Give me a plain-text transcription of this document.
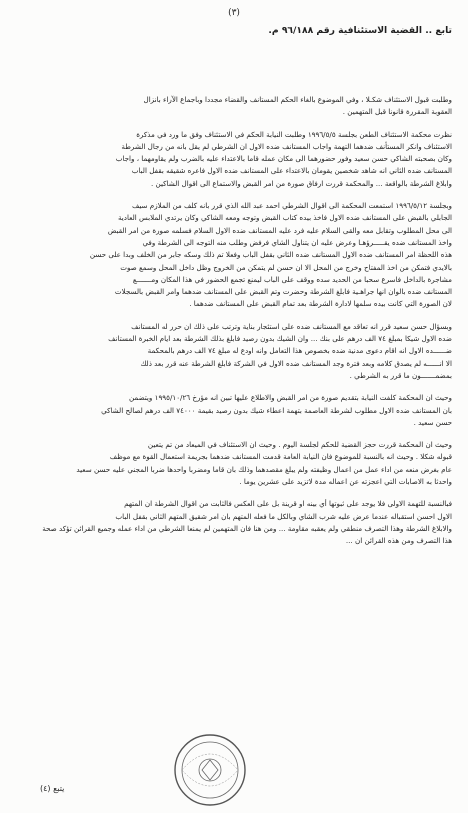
(٣)
تابع .. القضية الاستئنافية رقم ٩٦/١٨٨ م.

وطلبت قبول الاستئناف شكـلا ، وفي الموضوع بالغاء الحكم المستانف والقضاء مجددا وباجماع الآراء بانزال
العقوبة المقررة قانونا قبل المتهمين .

نظرت محكمة الاستئناف الطعن بجلسة ١٩٩٦/٥/٥ وطلبت النيابة الحكم في الاستئناف وفق ما ورد في مذكرة
الاستئناف وانكر المستأنف ضدهما التهمة واجاب المستانف ضده الاول ان الشرطي لم يقل بانه من رجال الشرطة
وكان بصحبته الشاكي حسن سعيد وفور حضورهما الى مكان عمله قاما بالاعتداء عليه بالضرب ولم يقاومهما ، واجاب
المستانف ضده الثاني انه شاهد شخصين يقومان بالاعتداء على المستانف ضده الاول فاعره شقيقه بقفل الباب
وابلاغ الشرطة بالواقعة ... والمحكمة قررت ارفاق صورة من امر القبض والاستماع الى اقوال الشاكين .

وبجلسة ١٩٩٦/٥/١٢ استمعت المحكمة الى اقوال الشرطي احمد عبد الله الذي قرر بانه كلف من الملازم سيف
الجابلي بالقبض على المستانف ضده الاول فاخذ بيده كتاب القبض وتوجه ومعه الشاكي وكان يرتدي الملابس العادية
الى محل المطلوب وتقابل معه والقى السلام عليه فرد عليه المستانف ضده الاول السلام فسلمه صورة من امر القبض
واخذ المستانف ضده يقـــــرؤهـا وعرض عليه ان يتناول الشاي فرفض وطلب منه التوجه الى الشرطة وفي
هذه اللحظة امر المستانف ضده الاول المستانف ضده الثاني بقفل الباب وفعلا تم ذلك وسكه جابر من الخلف وبدا على حسن
بالايدي فتمكن من اخذ المفتاح وخرج من المحل الا ان حسن لم يتمكن من الخروج وظل داخل المحل وسمع صوت
مشاجرة بالداخل فاسرع سحبا من الحديد سده ووقف على الباب ليمنع تجمع الحضور في هذا المكان ومـــــــع
المستانف ضده بالوان انها جراهـية فابلغ الشرطة وحضرت وتم القبض على المستانف ضدهما وامر القبض بالسجلات
لان الصورة التي كانت بيده سلمها لادارة الشرطة بعد تمام القبض على المستانف ضدهما .

وبسؤال حسن سعيد قرر انه تعاقد مع المستانف ضده على استئجار بناية وترتب على ذلك ان حرر له المستانف
ضده الاول شيكا بمبلغ ٧٤ الف درهم على بنك ... وان الشيك بدون رصيد فابلغ بذلك الشرطة بعد ايام الخبرة المستانف
ضــــــده الاول انه اقام دعوى مدنية ضده بخصوص هذا التعامل وانه اودع له مبلغ ٧٤ الف درهم بالمحكمة
الا انــــــه لم يصدق كلامه وبعد فترة وجد المستانف ضده الاول في الشركة فابلغ الشرطة عنه قرر بعد ذلك
بمضمـــــــون ما قرر به الشرطي .

وحيث ان المحكمة كلفت النيابة بتقديم صورة من امر القبض والاطلاع عليها تبين انه مؤرخ ١٩٩٥/١٠/٢٦ ويتضمن
بان المستانف ضده الاول مطلوب لشرطة العاصمة بتهمة اعطاء شيك بدون رصيد بقيمة ٧٤٠٠٠ الف درهم لصالح الشاكي
حسن سعيد .

وحيث ان المحكمة قررت حجز القضية للحكم لجلسة اليوم . وحيث ان الاستئناف في الميعاد من تم يتعين
قبوله شكلا . وحيث انه بالنسبة للموضوع فان النيابة العامة قدمت المستانف ضدهما بجريمة استعمال القوة مع موظف
عام بغرض منعه من اداء عمل من اعمال وظيفته ولم يبلغ مقصدهما وذلك بان قاما ومضربا واحدها ضربا المجني عليه حسن سعيد
واحدثا به الاصابات التي اعجزته عن اعماله مدة لاتزيد على عشرين يوما .

فبالنسبة للتهمة الاولى فلا يوجد على ثبوتها أي بينه او قرينة بل على العكس فالثابت من اقوال الشرطة ان المتهم
الاول احسن استقباله عندما عرض عليه شرب الشاي وبالكل ما فعله المتهم بان امر شقيق المتهم الثاني بقفل الباب
والابلاغ الشرطة وهذا التصرف منطقي ولم يعقبه مقاومة ... ومن هنا فان المتهمين لم يمنعا الشرطي من اداء عمله وجميع القرائن تؤكد صحة
هذا التصرف ومن هذه القرائن ان ...

يتبع (٤)
